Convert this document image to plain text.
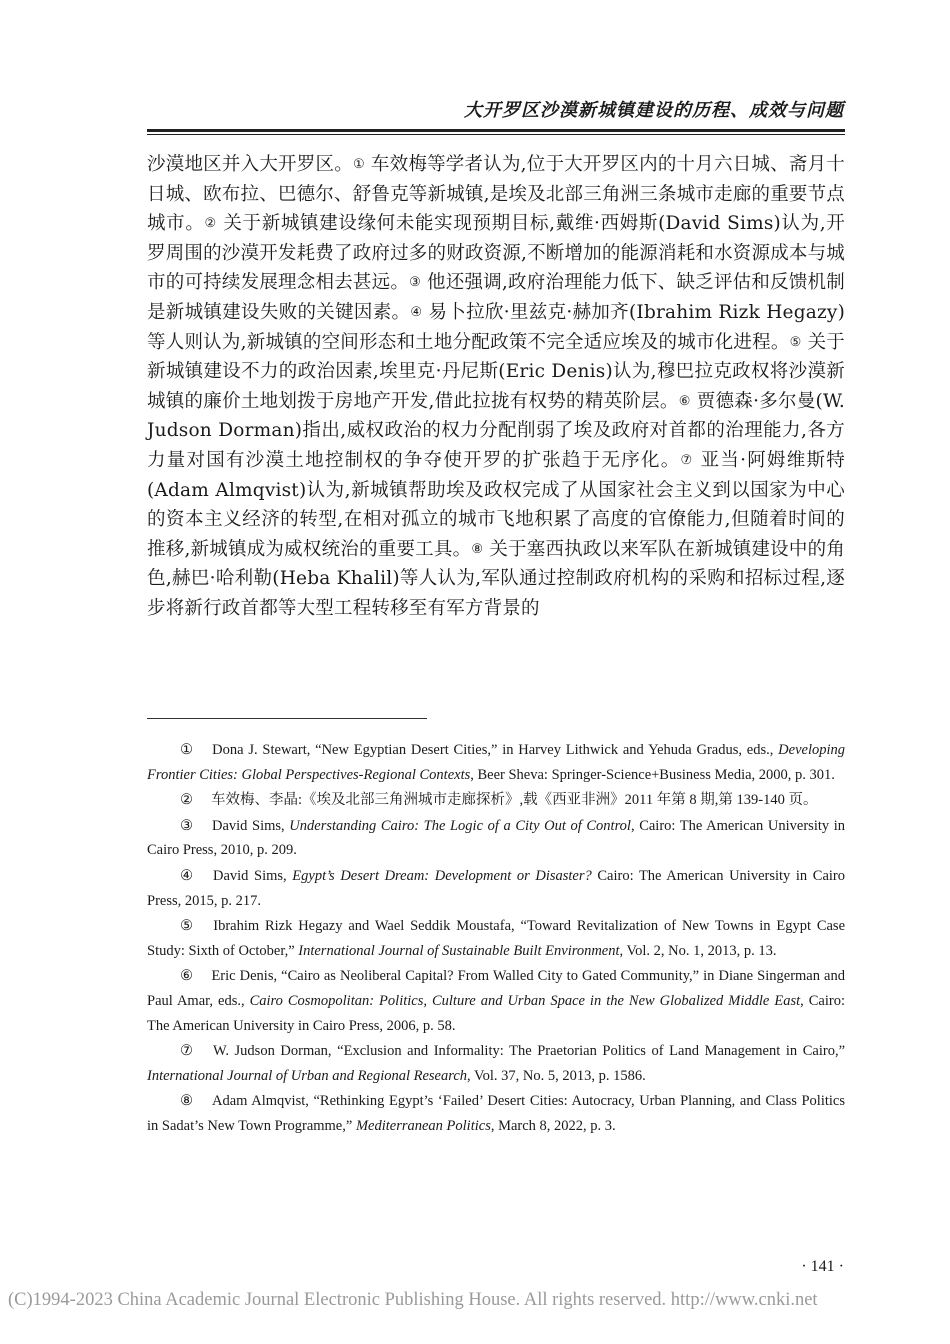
大开罗区沙漠新城镇建设的历程、成效与问题

沙漠地区并入大开罗区。① 车效梅等学者认为,位于大开罗区内的十月六日城、斋月十日城、欧布拉、巴德尔、舒鲁克等新城镇,是埃及北部三角洲三条城市走廊的重要节点城市。② 关于新城镇建设缘何未能实现预期目标,戴维·西姆斯(David Sims)认为,开罗周围的沙漠开发耗费了政府过多的财政资源,不断增加的能源消耗和水资源成本与城市的可持续发展理念相去甚远。③ 他还强调,政府治理能力低下、缺乏评估和反馈机制是新城镇建设失败的关键因素。④ 易卜拉欣·里兹克·赫加齐(Ibrahim Rizk Hegazy)等人则认为,新城镇的空间形态和土地分配政策不完全适应埃及的城市化进程。⑤ 关于新城镇建设不力的政治因素,埃里克·丹尼斯(Eric Denis)认为,穆巴拉克政权将沙漠新城镇的廉价土地划拨于房地产开发,借此拉拢有权势的精英阶层。⑥ 贾德森·多尔曼(W. Judson Dorman)指出,威权政治的权力分配削弱了埃及政府对首都的治理能力,各方力量对国有沙漠土地控制权的争夺使开罗的扩张趋于无序化。⑦ 亚当·阿姆维斯特(Adam Almqvist)认为,新城镇帮助埃及政权完成了从国家社会主义到以国家为中心的资本主义经济的转型,在相对孤立的城市飞地积累了高度的官僚能力,但随着时间的推移,新城镇成为威权统治的重要工具。⑧ 关于塞西执政以来军队在新城镇建设中的角色,赫巴·哈利勒(Heba Khalil)等人认为,军队通过控制政府机构的采购和招标过程,逐步将新行政首都等大型工程转移至有军方背景的

① Dona J. Stewart, “New Egyptian Desert Cities,” in Harvey Lithwick and Yehuda Gradus, eds., Developing Frontier Cities: Global Perspectives-Regional Contexts, Beer Sheva: Springer-Science+Business Media, 2000, p. 301.
② 车效梅、李晶:《埃及北部三角洲城市走廊探析》,载《西亚非洲》2011 年第 8 期,第 139-140 页。
③ David Sims, Understanding Cairo: The Logic of a City Out of Control, Cairo: The American University in Cairo Press, 2010, p. 209.
④ David Sims, Egypt’s Desert Dream: Development or Disaster? Cairo: The American University in Cairo Press, 2015, p. 217.
⑤ Ibrahim Rizk Hegazy and Wael Seddik Moustafa, “Toward Revitalization of New Towns in Egypt Case Study: Sixth of October,” International Journal of Sustainable Built Environment, Vol. 2, No. 1, 2013, p. 13.
⑥ Eric Denis, “Cairo as Neoliberal Capital? From Walled City to Gated Community,” in Diane Singerman and Paul Amar, eds., Cairo Cosmopolitan: Politics, Culture and Urban Space in the New Globalized Middle East, Cairo: The American University in Cairo Press, 2006, p. 58.
⑦ W. Judson Dorman, “Exclusion and Informality: The Praetorian Politics of Land Management in Cairo,” International Journal of Urban and Regional Research, Vol. 37, No. 5, 2013, p. 1586.
⑧ Adam Almqvist, “Rethinking Egypt’s ‘Failed’ Desert Cities: Autocracy, Urban Planning, and Class Politics in Sadat’s New Town Programme,” Mediterranean Politics, March 8, 2022, p. 3.
· 141 ·
(C)1994-2023 China Academic Journal Electronic Publishing House. All rights reserved. http://www.cnki.net
